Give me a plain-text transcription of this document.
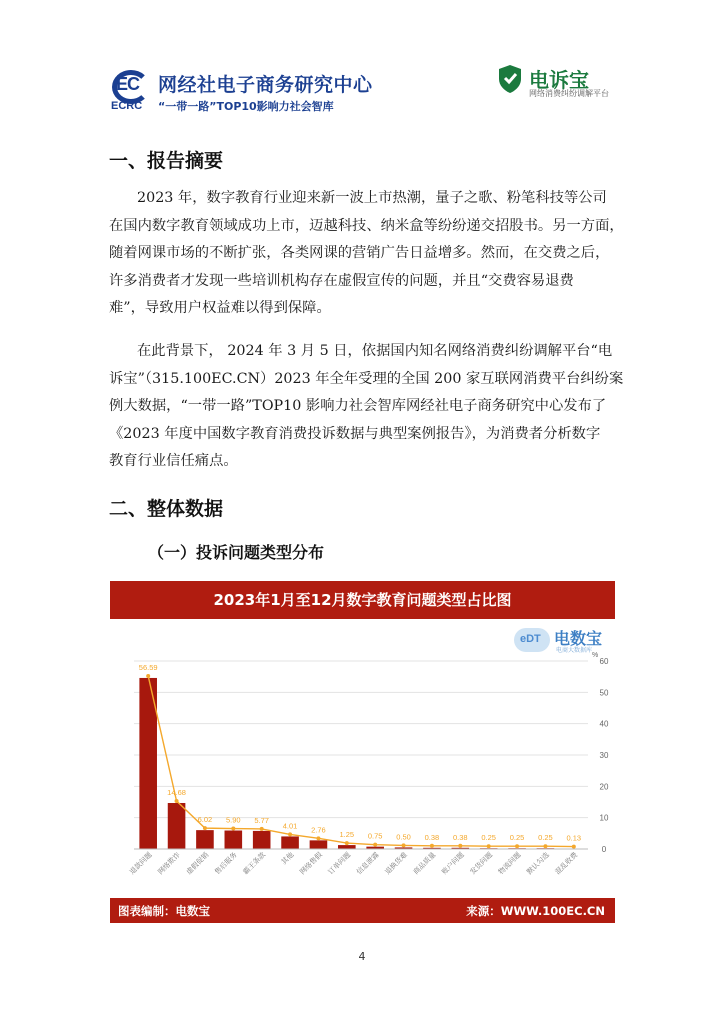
EC
ECRC
网经社电子商务研究中心
“一带一路”TOP10影响力社会智库
电诉宝
网络消费纠纷调解平台
一、报告摘要

2023 年，数字教育行业迎来新一波上市热潮，量子之歌、粉笔科技等公司
在国内数字教育领域成功上市，迈越科技、纳米盒等纷纷递交招股书。另一方面，
随着网课市场的不断扩张，各类网课的营销广告日益增多。然而，在交费之后，
许多消费者才发现一些培训机构存在虚假宣传的问题，并且“交费容易退费
难”，导致用户权益难以得到保障。

在此背景下， 2024 年 3 月 5 日，依据国内知名网络消费纠纷调解平台“电
诉宝”（315.100EC.CN）2023 年全年受理的全国 200 家互联网消费平台纠纷案
例大数据，“一带一路”TOP10 影响力社会智库网经社电子商务研究中心发布了
《2023 年度中国数字教育消费投诉数据与典型案例报告》，为消费者分析数字
教育行业信任痛点。

二、整体数据
（一）投诉问题类型分布
2023年1月至12月数字教育问题类型占比图
0
10
20
30
40
50
60
%
56.59
14.68
6.02 5.90 5.77
4.01 2.76
1.25 0.75 0.50 0.38 0.38 0.25 0.25 0.25 0.13
退款问题 网络欺诈 虚假促销 售后服务 霸王条款 其他 网络售假 订单问题 信息泄露 退换货难 商品质量 账户问题 发货问题 物流问题 默认勾选 混乱收费
eDT 电数宝
电商大数据库
图表编制：电数宝	来源：WWW.100EC.CN
4
